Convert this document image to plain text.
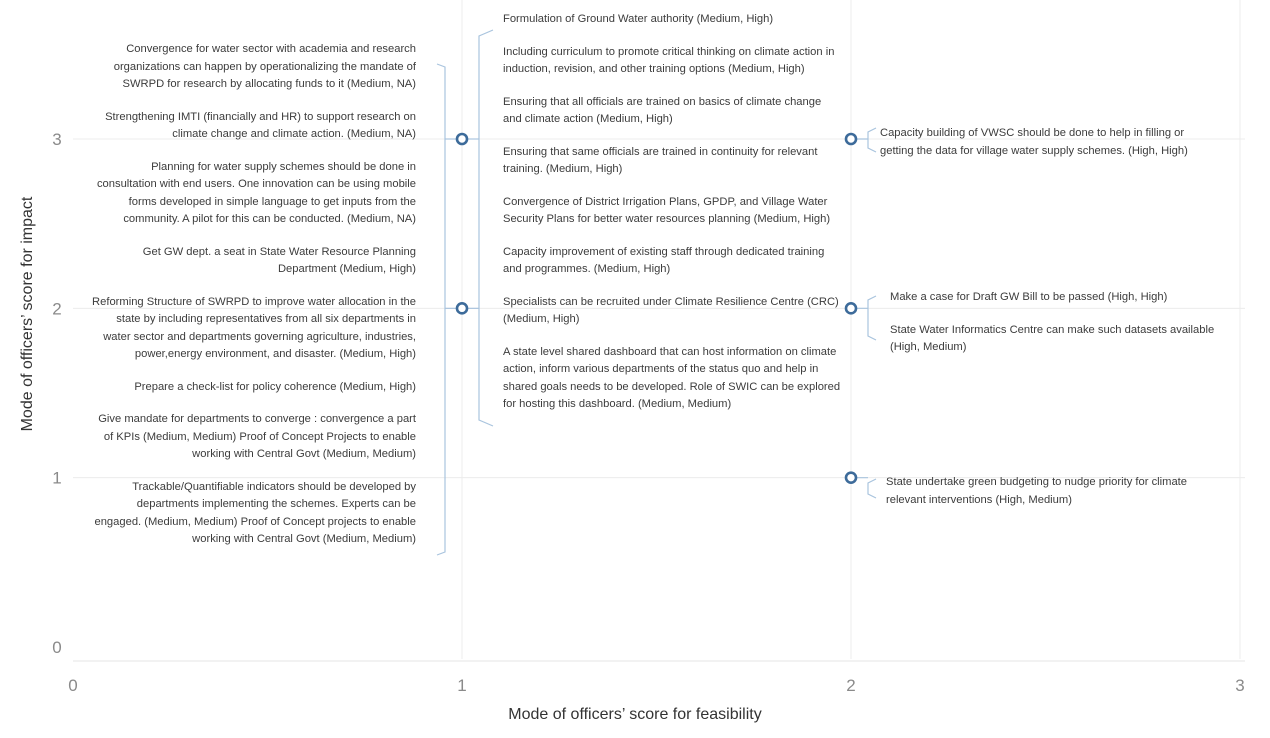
0
1
2
3
0	1	2	3

Convergence for water sector with academia and research organizations can happen by operationalizing the mandate of SWRPD for research by allocating funds to it (Medium, NA)

Strengthening IMTI (financially and HR) to support research on climate change and climate action. (Medium, NA)

Planning for water supply schemes should be done in consultation with end users. One innovation can be using mobile forms developed in simple language to get inputs from the community. A pilot for this can be conducted. (Medium, NA)

Get GW dept. a seat in State Water Resource Planning Department (Medium, High)

Reforming Structure of SWRPD to improve water allocation in the state by including representatives from all six departments in water sector and departments governing agriculture, industries, power,energy environment, and disaster. (Medium, High)

Prepare a check-list for policy coherence (Medium, High)

Give mandate for departments to converge : convergence a part of KPIs (Medium, Medium) Proof of Concept Projects to enable working with Central Govt (Medium, Medium)

Trackable/Quantifiable indicators should be developed by departments implementing the schemes. Experts can be engaged. (Medium, Medium) Proof of Concept projects to enable working with Central Govt (Medium, Medium)

Formulation of Ground Water authority (Medium, High)

Including curriculum to promote critical thinking on climate action in induction, revision, and other training options (Medium, High)

Ensuring that all officials are trained on basics of climate change and climate action (Medium, High)

Ensuring that same officials are trained in continuity for relevant training. (Medium, High)

Convergence of District Irrigation Plans, GPDP, and Village Water Security Plans for better water resources planning (Medium, High)

Capacity improvement of existing staff through dedicated training and programmes. (Medium, High)

Specialists can be recruited under Climate Resilience Centre (CRC) (Medium, High)

A state level shared dashboard that can host information on climate action, inform various departments of the status quo and help in shared goals needs to be developed. Role of SWIC can be explored for hosting this dashboard. (Medium, Medium)

Capacity building of VWSC should be done to help in filling or getting the data for village water supply schemes. (High, High)

Make a case for Draft GW Bill to be passed (High, High)

State Water Informatics Centre can make such datasets available (High, Medium)

State undertake green budgeting to nudge priority for climate relevant interventions (High, Medium)

Mode of officers’ score for feasibility
Mode of officers’ score for impact
